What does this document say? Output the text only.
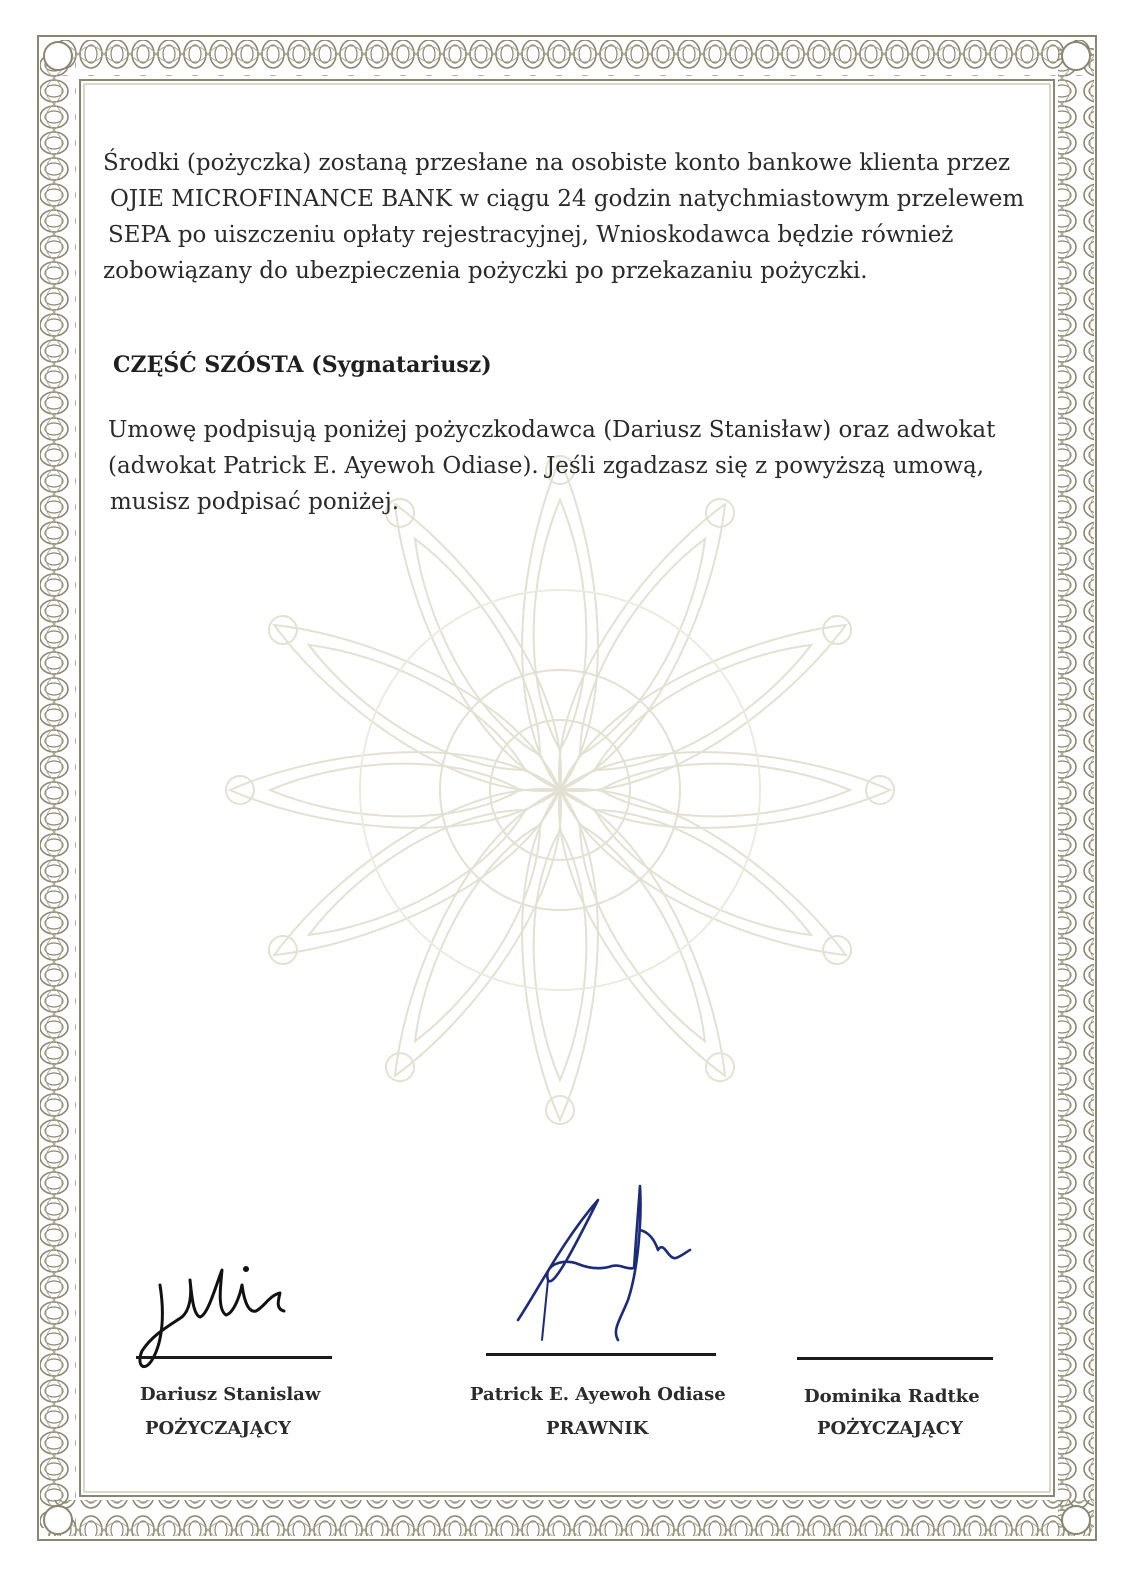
Środki (pożyczka) zostaną przesłane na osobiste konto bankowe klienta przez
OJIE MICROFINANCE BANK w ciągu 24 godzin natychmiastowym przelewem
SEPA po uiszczeniu opłaty rejestracyjnej, Wnioskodawca będzie również
zobowiązany do ubezpieczenia pożyczki po przekazaniu pożyczki.
CZĘŚĆ SZÓSTA (Sygnatariusz)
Umowę podpisują poniżej pożyczkodawca (Dariusz Stanisław) oraz adwokat
(adwokat Patrick E. Ayewoh Odiase). Jeśli zgadzasz się z powyższą umową,
musisz podpisać poniżej.
Dariusz Stanislaw
POŻYCZAJĄCY
Patrick E. Ayewoh Odiase
PRAWNIK
Dominika Radtke
POŻYCZAJĄCY
